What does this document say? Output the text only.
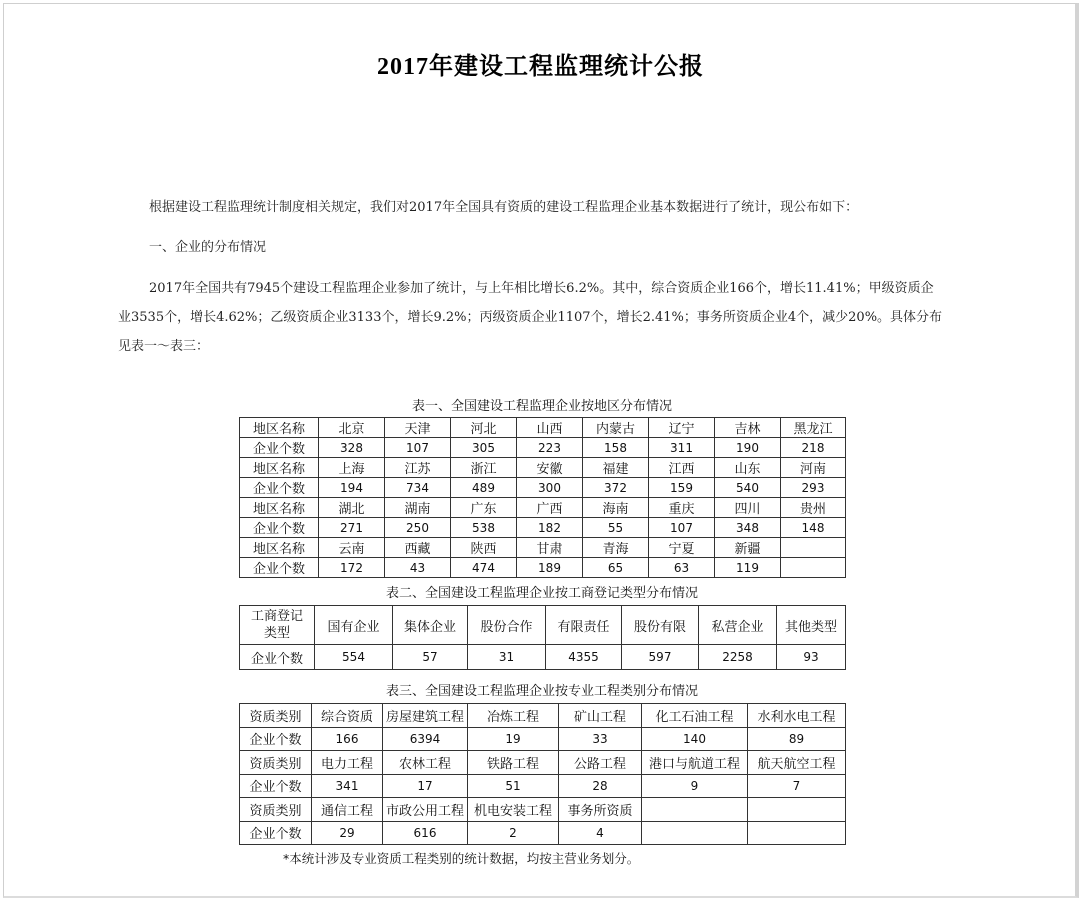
2017年建设工程监理统计公报
根据建设工程监理统计制度相关规定，我们对2017年全国具有资质的建设工程监理企业基本数据进行了统计，现公布如下：
一、企业的分布情况
2017年全国共有7945个建设工程监理企业参加了统计，与上年相比增长6.2%。其中，综合资质企业166个，增长11.41%；甲级资质企业3535个，增长4.62%；乙级资质企业3133个，增长9.2%；丙级资质企业1107个，增长2.41%；事务所资质企业4个，减少20%。具体分布见表一～表三：
表一、全国建设工程监理企业按地区分布情况
地区名称	北京	天津	河北	山西	内蒙古	辽宁	吉林	黑龙江
企业个数	328	107	305	223	158	311	190	218
地区名称	上海	江苏	浙江	安徽	福建	江西	山东	河南
企业个数	194	734	489	300	372	159	540	293
地区名称	湖北	湖南	广东	广西	海南	重庆	四川	贵州
企业个数	271	250	538	182	55	107	348	148
地区名称	云南	西藏	陕西	甘肃	青海	宁夏	新疆	
企业个数	172	43	474	189	65	63	119	
表二、全国建设工程监理企业按工商登记类型分布情况
工商登记类型	国有企业	集体企业	股份合作	有限责任	股份有限	私营企业	其他类型
企业个数	554	57	31	4355	597	2258	93
表三、全国建设工程监理企业按专业工程类别分布情况
资质类别	综合资质	房屋建筑工程	冶炼工程	矿山工程	化工石油工程	水利水电工程
企业个数	166	6394	19	33	140	89
资质类别	电力工程	农林工程	铁路工程	公路工程	港口与航道工程	航天航空工程
企业个数	341	17	51	28	9	7
资质类别	通信工程	市政公用工程	机电安装工程	事务所资质		
企业个数	29	616	2	4		
*本统计涉及专业资质工程类别的统计数据，均按主营业务划分。
